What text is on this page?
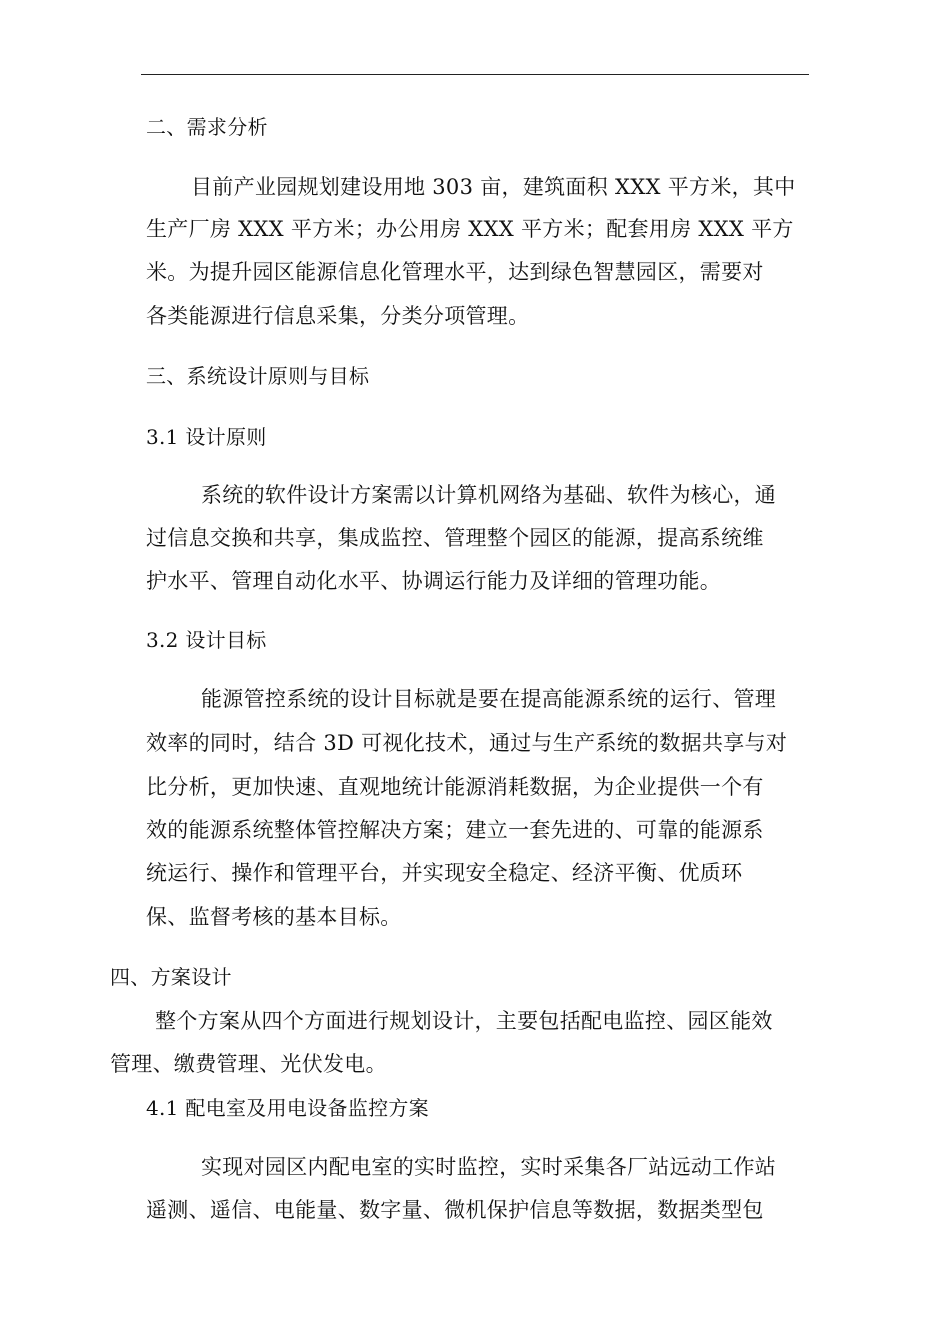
二、需求分析

目前产业园规划建设用地 303 亩，建筑面积 XXX 平方米，其中

生产厂房 XXX 平方米；办公用房 XXX 平方米；配套用房 XXX 平方

米。为提升园区能源信息化管理水平，达到绿色智慧园区，需要对

各类能源进行信息采集，分类分项管理。

三、系统设计原则与目标

3.1 设计原则

系统的软件设计方案需以计算机网络为基础、软件为核心，通

过信息交换和共享，集成监控、管理整个园区的能源，提高系统维

护水平、管理自动化水平、协调运行能力及详细的管理功能。

3.2 设计目标

能源管控系统的设计目标就是要在提高能源系统的运行、管理

效率的同时，结合 3D 可视化技术，通过与生产系统的数据共享与对

比分析，更加快速、直观地统计能源消耗数据，为企业提供一个有

效的能源系统整体管控解决方案；建立一套先进的、可靠的能源系

统运行、操作和管理平台，并实现安全稳定、经济平衡、优质环

保、监督考核的基本目标。

四、方案设计

整个方案从四个方面进行规划设计，主要包括配电监控、园区能效

管理、缴费管理、光伏发电。

4.1 配电室及用电设备监控方案

实现对园区内配电室的实时监控，实时采集各厂站远动工作站

遥测、遥信、电能量、数字量、微机保护信息等数据，数据类型包
